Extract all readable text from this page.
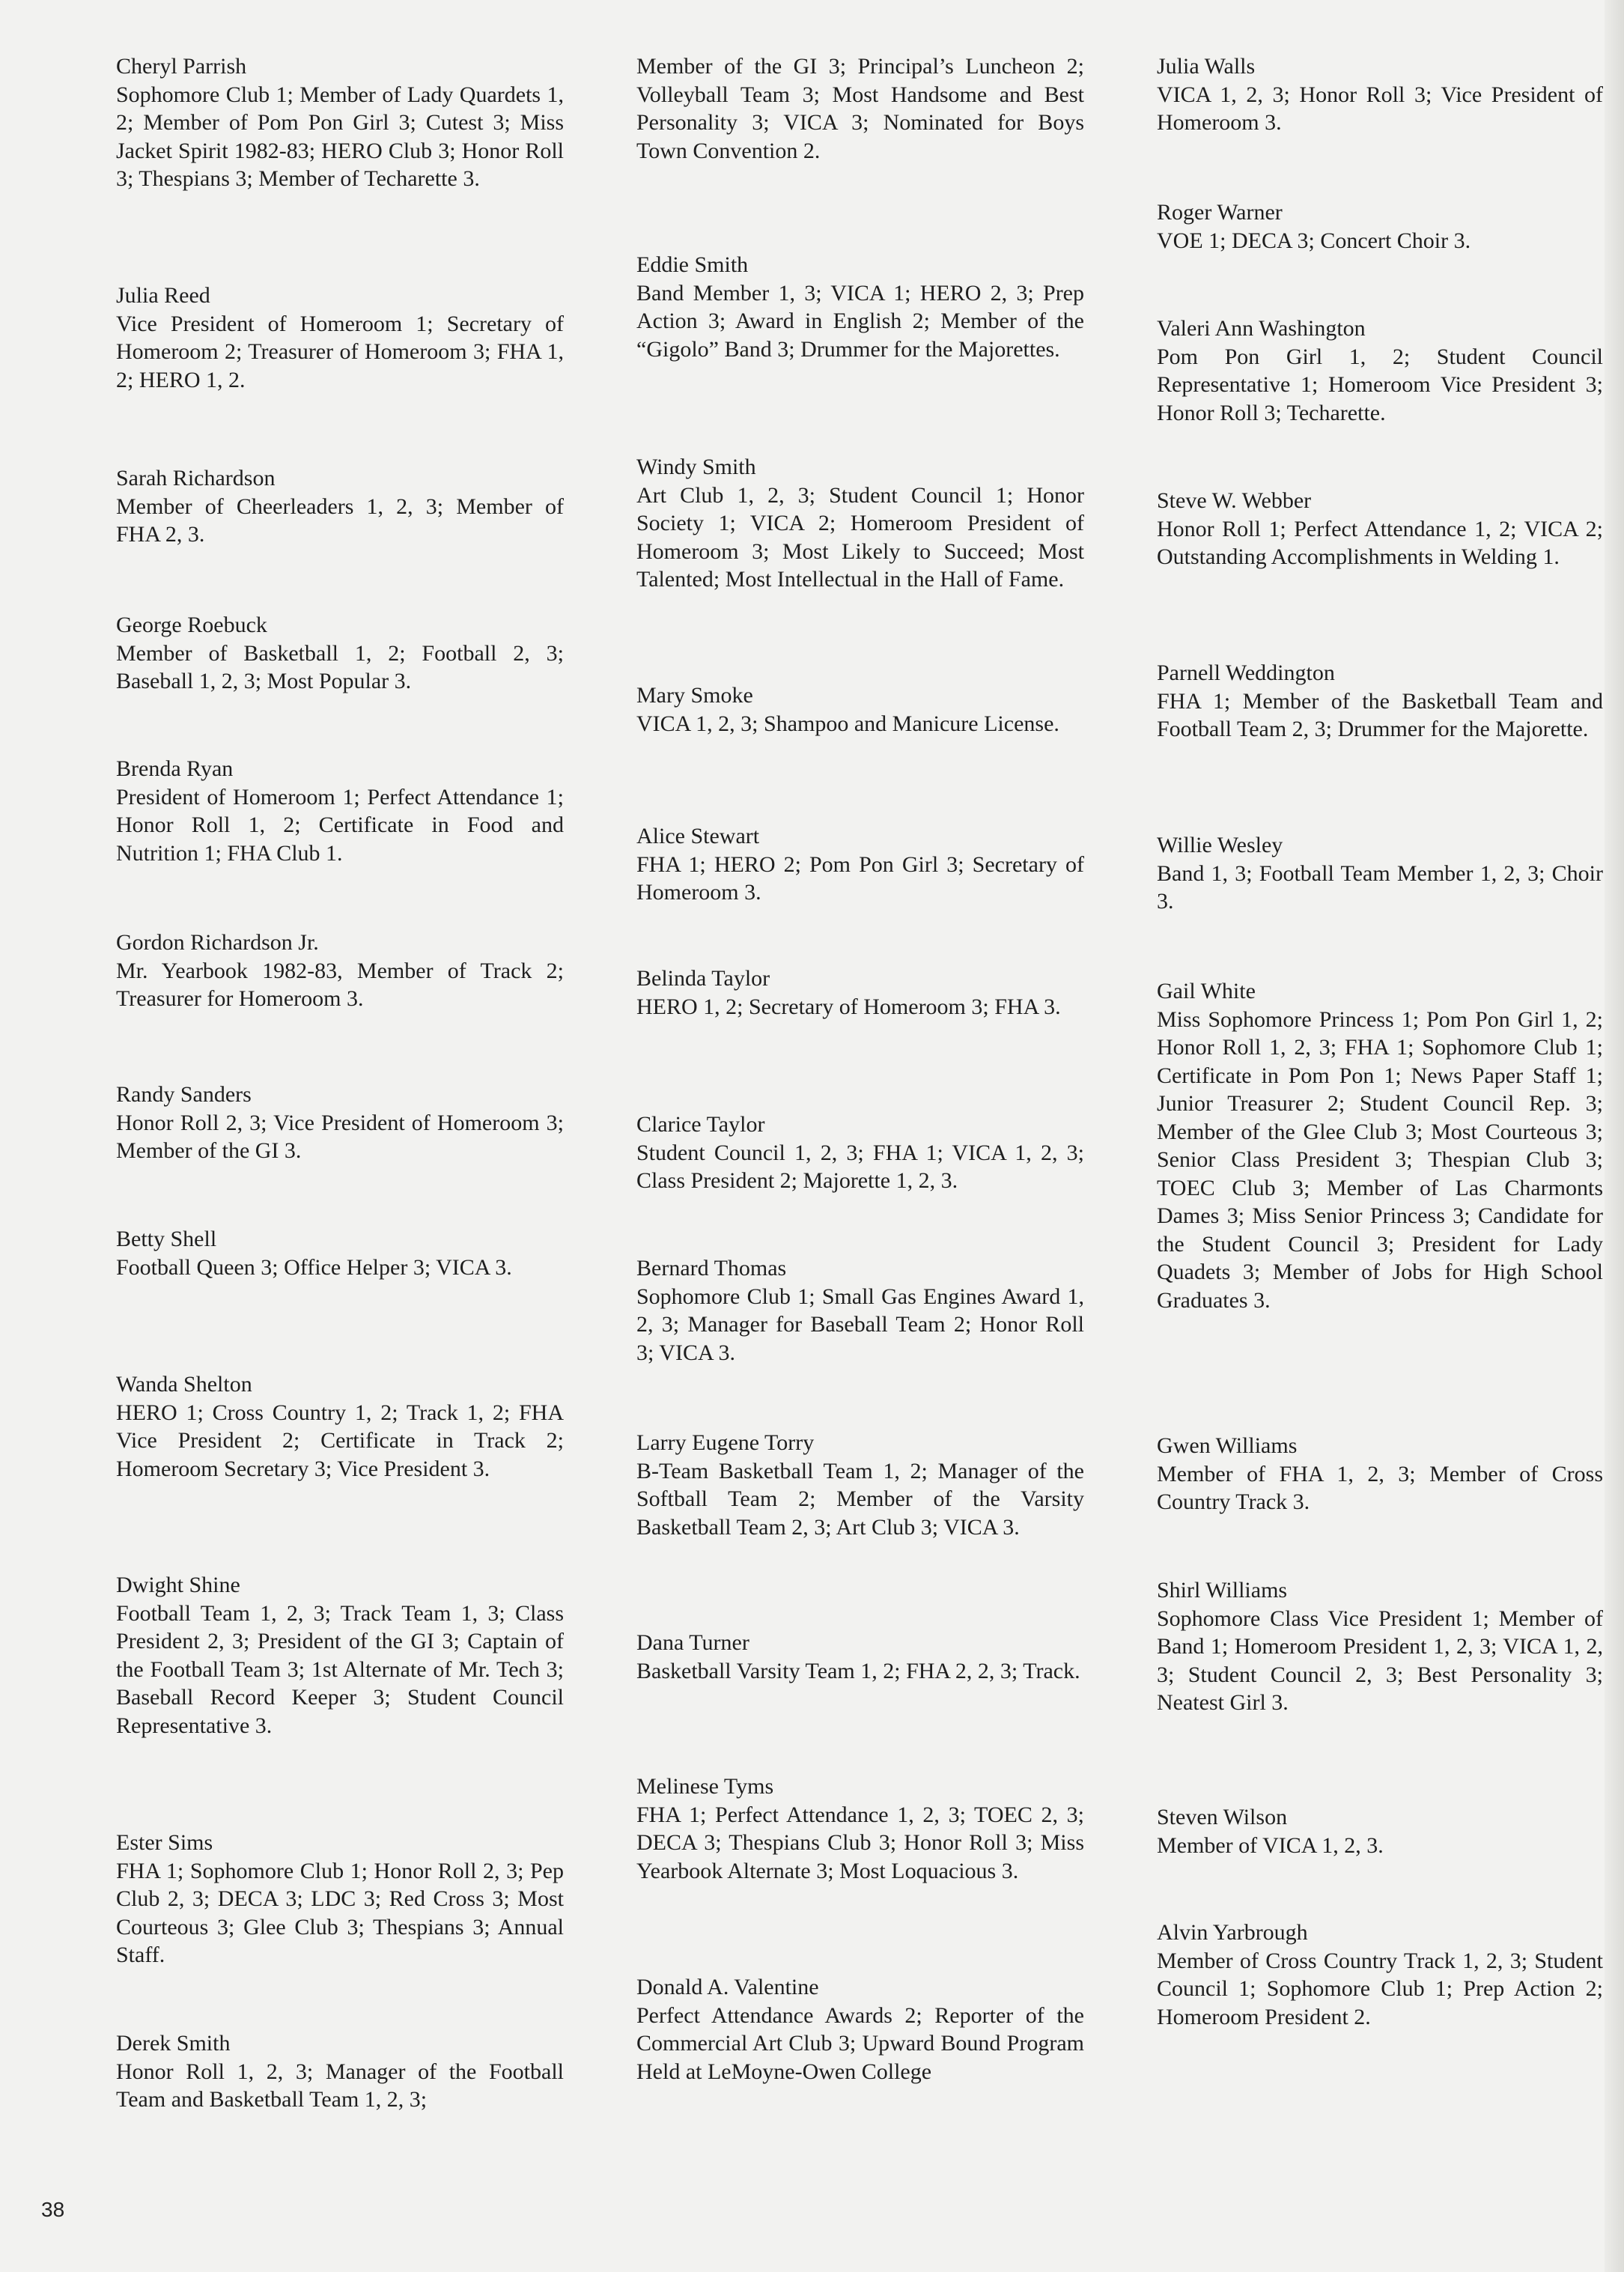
Cheryl Parrish

Sophomore Club 1; Member of Lady Quardets 1, 2; Member of Pom Pon Girl 3; Cutest 3; Miss Jacket Spirit 1982-83; HERO Club 3; Honor Roll 3; Thespians 3; Member of Techarette 3.

Julia Reed

Vice President of Homeroom 1; Secretary of Homeroom 2; Treasurer of Homeroom 3; FHA 1, 2; HERO 1, 2.

Sarah Richardson

Member of Cheerleaders 1, 2, 3; Member of FHA 2, 3.

George Roebuck

Member of Basketball 1, 2; Football 2, 3; Baseball 1, 2, 3; Most Popular 3.

Brenda Ryan

President of Homeroom 1; Perfect Attendance 1; Honor Roll 1, 2; Certificate in Food and Nutrition 1; FHA Club 1.

Gordon Richardson Jr.

Mr. Yearbook 1982-83, Member of Track 2; Treasurer for Homeroom 3.

Randy Sanders

Honor Roll 2, 3; Vice President of Homeroom 3; Member of the GI 3.

Betty Shell

Football Queen 3; Office Helper 3; VICA 3.

Wanda Shelton

HERO 1; Cross Country 1, 2; Track 1, 2; FHA Vice President 2; Certificate in Track 2; Homeroom Secretary 3; Vice President 3.

Dwight Shine

Football Team 1, 2, 3; Track Team 1, 3; Class President 2, 3; President of the GI 3; Captain of the Football Team 3; 1st Alternate of Mr. Tech 3; Baseball Record Keeper 3; Student Council Representative 3.

Ester Sims

FHA 1; Sophomore Club 1; Honor Roll 2, 3; Pep Club 2, 3; DECA 3; LDC 3; Red Cross 3; Most Courteous 3; Glee Club 3; Thespians 3; Annual Staff.

Derek Smith

Honor Roll 1, 2, 3; Manager of the Football Team and Basketball Team 1, 2, 3;

Member of the GI 3; Principal’s Luncheon 2; Volleyball Team 3; Most Handsome and Best Personality 3; VICA 3; Nominated for Boys Town Convention 2.

Eddie Smith

Band Member 1, 3; VICA 1; HERO 2, 3; Prep Action 3; Award in English 2; Member of the “Gigolo” Band 3; Drummer for the Majorettes.

Windy Smith

Art Club 1, 2, 3; Student Council 1; Honor Society 1; VICA 2; Homeroom President of Homeroom 3; Most Likely to Succeed; Most Talented; Most Intellectual in the Hall of Fame.

Mary Smoke

VICA 1, 2, 3; Shampoo and Manicure License.

Alice Stewart

FHA 1; HERO 2; Pom Pon Girl 3; Secretary of Homeroom 3.

Belinda Taylor

HERO 1, 2; Secretary of Homeroom 3; FHA 3.

Clarice Taylor

Student Council 1, 2, 3; FHA 1; VICA 1, 2, 3; Class President 2; Majorette 1, 2, 3.

Bernard Thomas

Sophomore Club 1; Small Gas Engines Award 1, 2, 3; Manager for Baseball Team 2; Honor Roll 3; VICA 3.

Larry Eugene Torry

B-Team Basketball Team 1, 2; Manager of the Softball Team 2; Member of the Varsity Basketball Team 2, 3; Art Club 3; VICA 3.

Dana Turner

Basketball Varsity Team 1, 2; FHA 2, 2, 3; Track.

Melinese Tyms

FHA 1; Perfect Attendance 1, 2, 3; TOEC 2, 3; DECA 3; Thespians Club 3; Honor Roll 3; Miss Yearbook Alternate 3; Most Loquacious 3.

Donald A. Valentine

Perfect Attendance Awards 2; Reporter of the Commercial Art Club 3; Upward Bound Program Held at LeMoyne-Owen College

Julia Walls

VICA 1, 2, 3; Honor Roll 3; Vice President of Homeroom 3.

Roger Warner

VOE 1; DECA 3; Concert Choir 3.

Valeri Ann Washington

Pom Pon Girl 1, 2; Student Council Representative 1; Homeroom Vice President 3; Honor Roll 3; Techarette.

Steve W. Webber

Honor Roll 1; Perfect Attendance 1, 2; VICA 2; Outstanding Accomplishments in Welding 1.

Parnell Weddington

FHA 1; Member of the Basketball Team and Football Team 2, 3; Drummer for the Majorette.

Willie Wesley

Band 1, 3; Football Team Member 1, 2, 3; Choir 3.

Gail White

Miss Sophomore Princess 1; Pom Pon Girl 1, 2; Honor Roll 1, 2, 3; FHA 1; Sophomore Club 1; Certificate in Pom Pon 1; News Paper Staff 1; Junior Treasurer 2; Student Council Rep. 3; Member of the Glee Club 3; Most Courteous 3; Senior Class President 3; Thespian Club 3; TOEC Club 3; Member of Las Charmonts Dames 3; Miss Senior Princess 3; Candidate for the Student Council 3; President for Lady Quadets 3; Member of Jobs for High School Graduates 3.

Gwen Williams

Member of FHA 1, 2, 3; Member of Cross Country Track 3.

Shirl Williams

Sophomore Class Vice President 1; Member of Band 1; Homeroom President 1, 2, 3; VICA 1, 2, 3; Student Council 2, 3; Best Personality 3; Neatest Girl 3.

Steven Wilson

Member of VICA 1, 2, 3.

Alvin Yarbrough

Member of Cross Country Track 1, 2, 3; Student Council 1; Sophomore Club 1; Prep Action 2; Homeroom President 2.

38
